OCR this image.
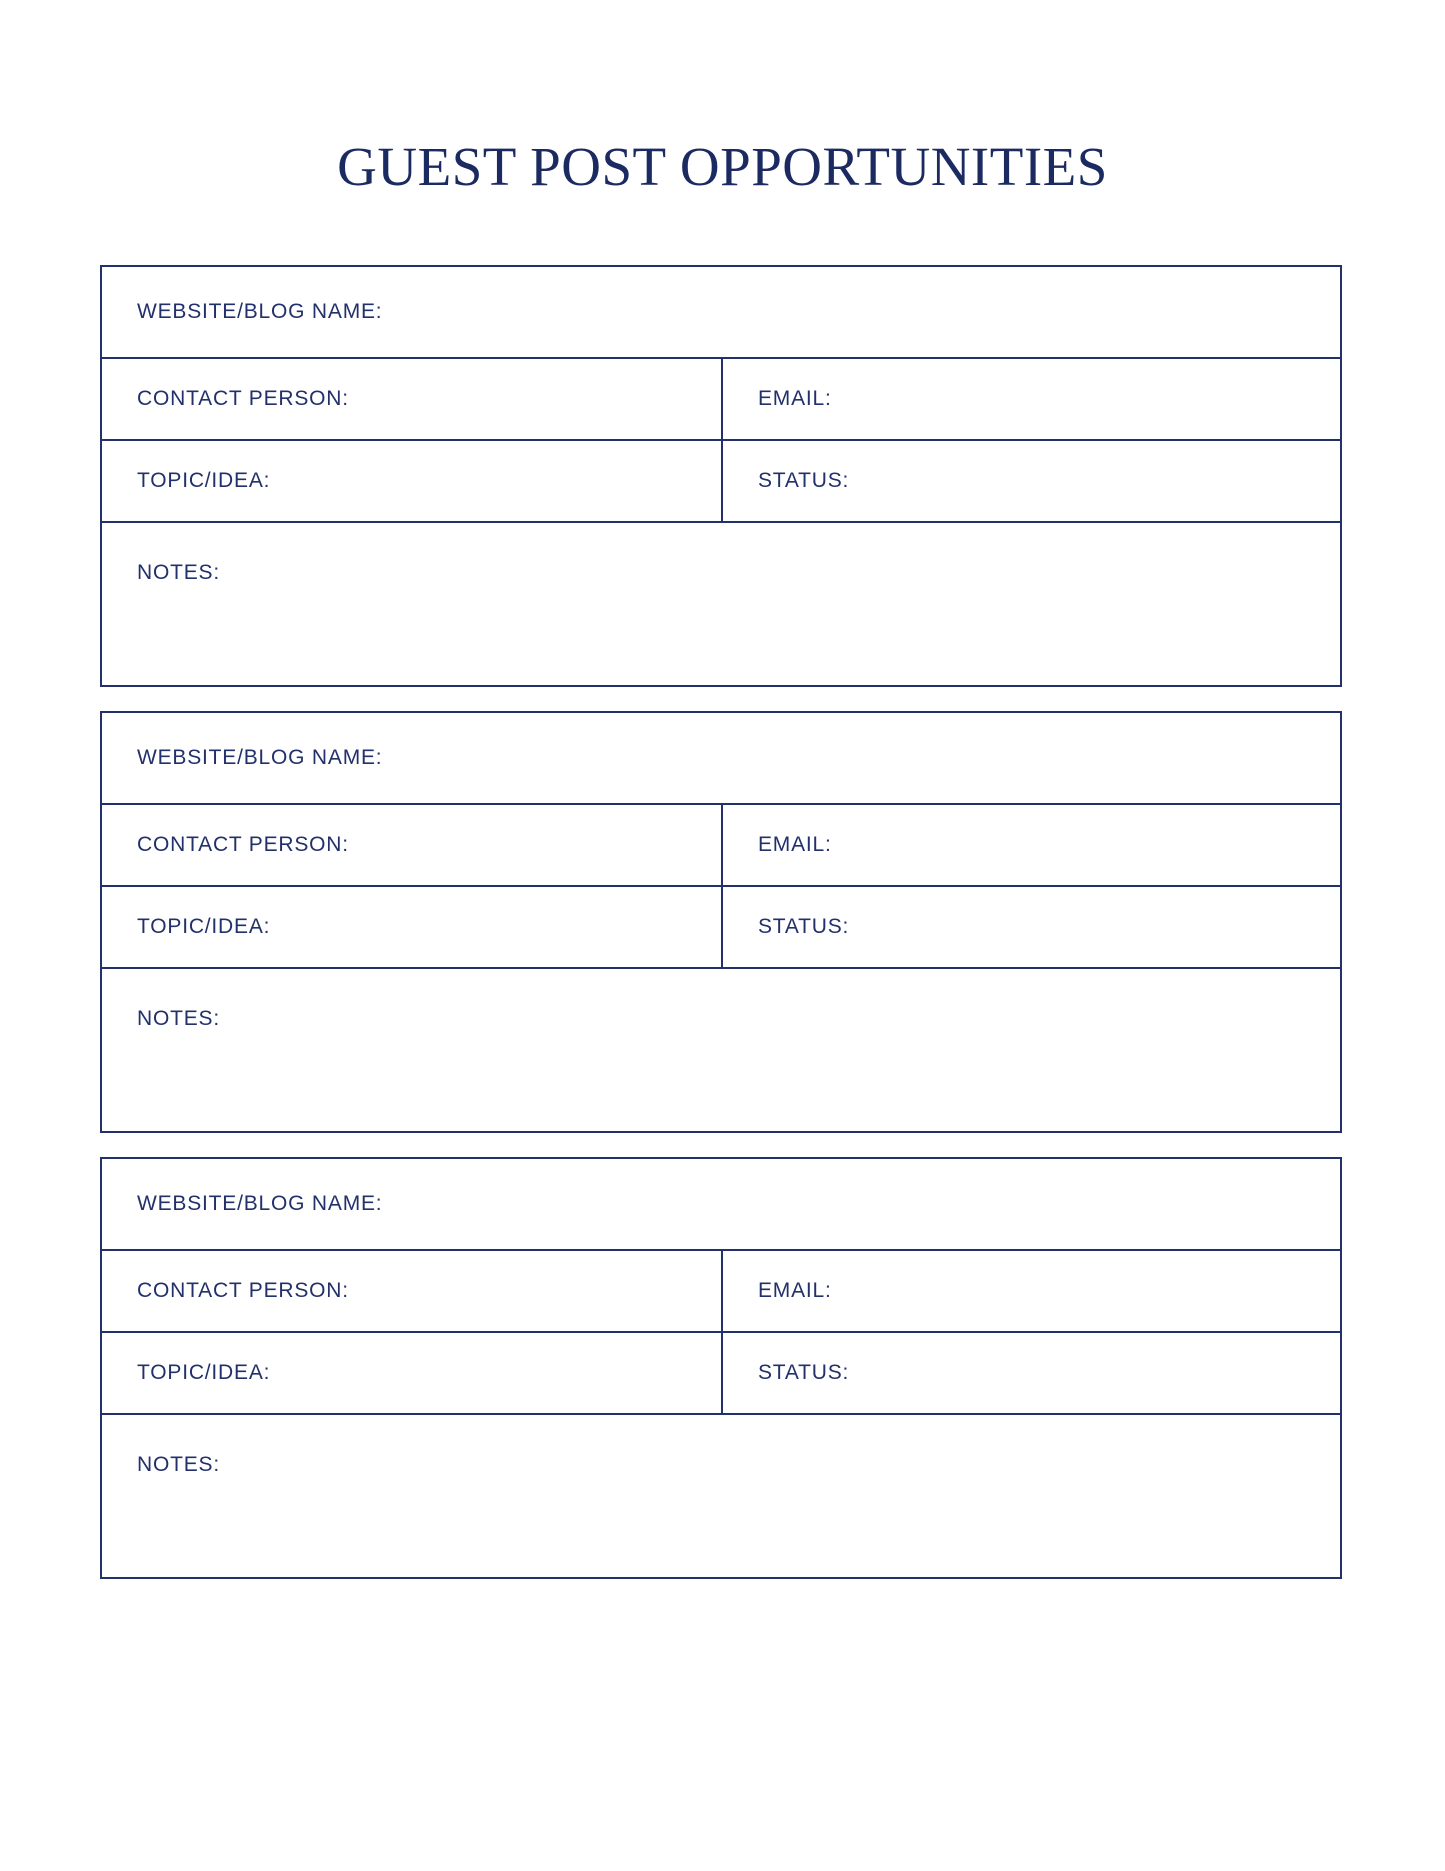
GUEST POST OPPORTUNITIES
WEBSITE/BLOG NAME:
CONTACT PERSON:	EMAIL:
TOPIC/IDEA:	STATUS:
NOTES:
WEBSITE/BLOG NAME:
CONTACT PERSON:	EMAIL:
TOPIC/IDEA:	STATUS:
NOTES:
WEBSITE/BLOG NAME:
CONTACT PERSON:	EMAIL:
TOPIC/IDEA:	STATUS:
NOTES:
